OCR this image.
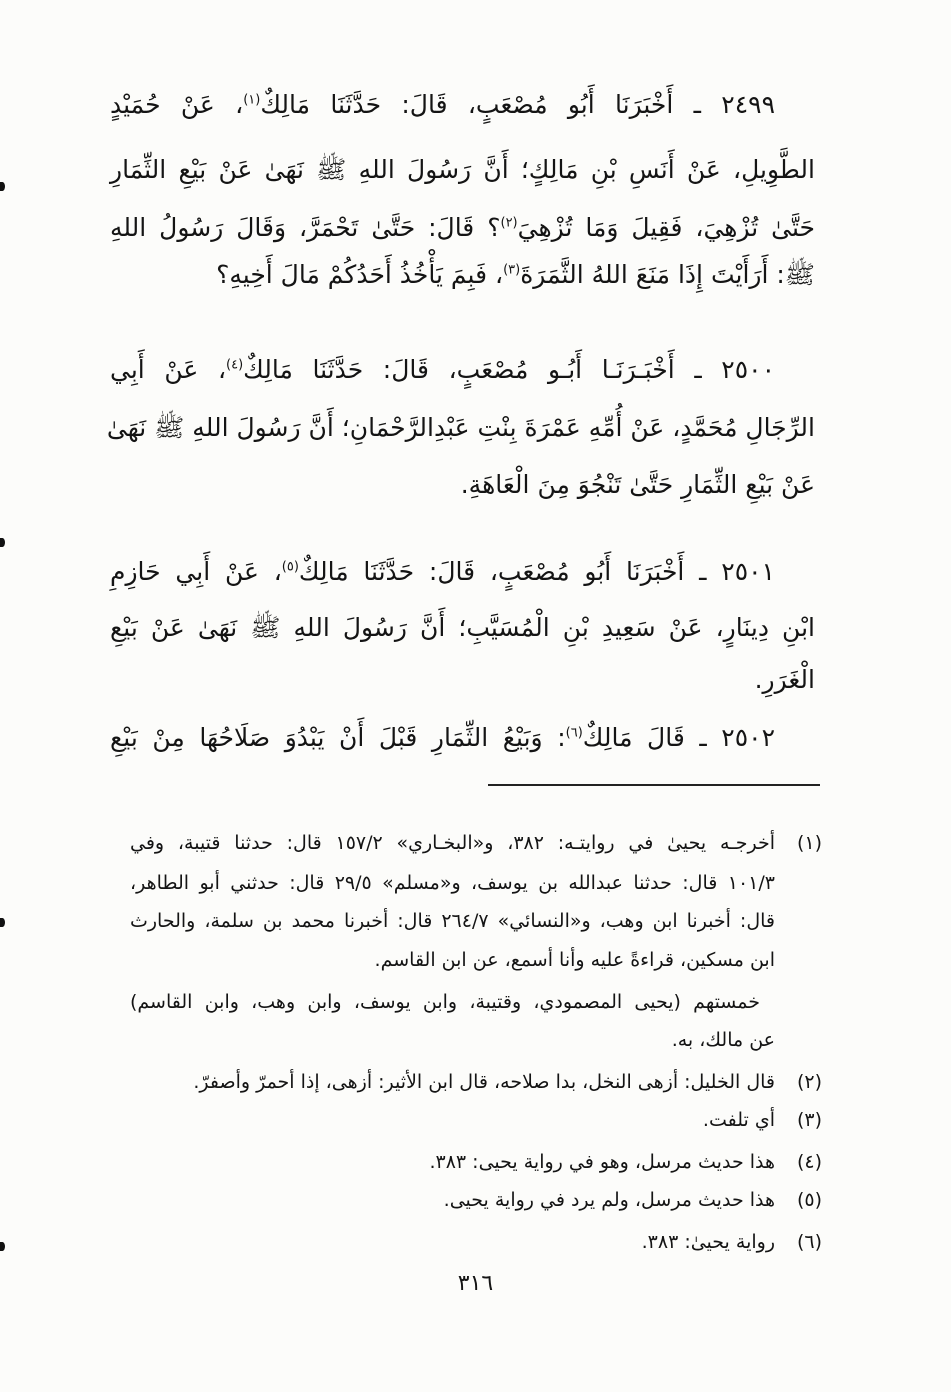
٢٤٩٩ ـ أَخْبَرَنَا أَبُو مُصْعَبٍ، قَالَ: حَدَّثَنَا مَالِكٌ$^{(١)}$، عَنْ حُمَيْدٍ
الطَّوِيلِ، عَنْ أَنَسِ بْنِ مَالِكٍ؛ أَنَّ رَسُولَ اللهِ ﷺ نَهَىٰ عَنْ بَيْعِ الثِّمَارِ
حَتَّىٰ تُزْهِيَ، فَقِيلَ وَمَا تُزْهِيَ$^{(٢)}$؟ قَالَ: حَتَّىٰ تَحْمَرَّ، وَقَالَ رَسُولُ اللهِ
ﷺ: أَرَأَيْتَ إِذَا مَنَعَ اللهُ الثَّمَرَةَ$^{(٣)}$، فَبِمَ يَأْخُذُ أَحَدُكُمْ مَالَ أَخِيهِ؟
٢٥٠٠ ـ أَخْبَـرَنَـا أَبُـو مُصْعَبٍ، قَالَ: حَدَّثَنَا مَالِكٌ$^{(٤)}$، عَنْ أَبِي
الرِّجَالِ مُحَمَّدٍ، عَنْ أُمِّهِ عَمْرَةَ بِنْتِ عَبْدِالرَّحْمَانِ؛ أَنَّ رَسُولَ اللهِ ﷺ نَهَىٰ
عَنْ بَيْعِ الثِّمَارِ حَتَّىٰ تَنْجُوَ مِنَ الْعَاهَةِ.
٢٥٠١ ـ أَخْبَرَنَا أَبُو مُصْعَبٍ، قَالَ: حَدَّثَنَا مَالِكٌ$^{(٥)}$، عَنْ أَبِي حَازِمِ
ابْنِ دِينَارٍ، عَنْ سَعِيدِ بْنِ الْمُسَيَّبِ؛ أَنَّ رَسُولَ اللهِ ﷺ نَهَىٰ عَنْ بَيْعِ
الْغَرَرِ.
٢٥٠٢ ـ قَالَ مَالِكٌ$^{(٦)}$: وَبَيْعُ الثِّمَارِ قَبْلَ أَنْ يَبْدُوَ صَلَاحُهَا مِنْ بَيْعِ
(١)
أخرجـه يحيىٰ في روايتـه: ٣٨٢، و«البخـاري» ١٥٧/٢ قال: حدثنا قتيبة، وفي
١٠١/٣ قال: حدثنا عبدالله بن يوسف، و«مسلم» ٢٩/٥ قال: حدثني أبو الطاهر،
قال: أخبرنا ابن وهب، و«النسائي» ٢٦٤/٧ قال: أخبرنا محمد بن سلمة، والحارث
ابن مسكين، قراءةً عليه وأنا أسمع، عن ابن القاسم.
خمستهم (يحيى المصمودي، وقتيبة، وابن يوسف، وابن وهب، وابن القاسم)
عن مالك، به.
(٢)
قال الخليل: أزهى النخل، بدا صلاحه، قال ابن الأثير: أزهى، إذا أحمرّ وأصفرّ.
(٣)
أي تلفت.
(٤)
هذا حديث مرسل، وهو في رواية يحيى: ٣٨٣.
(٥)
هذا حديث مرسل، ولم يرد في رواية يحيى.
(٦)
رواية يحيىٰ: ٣٨٣.
٣١٦
